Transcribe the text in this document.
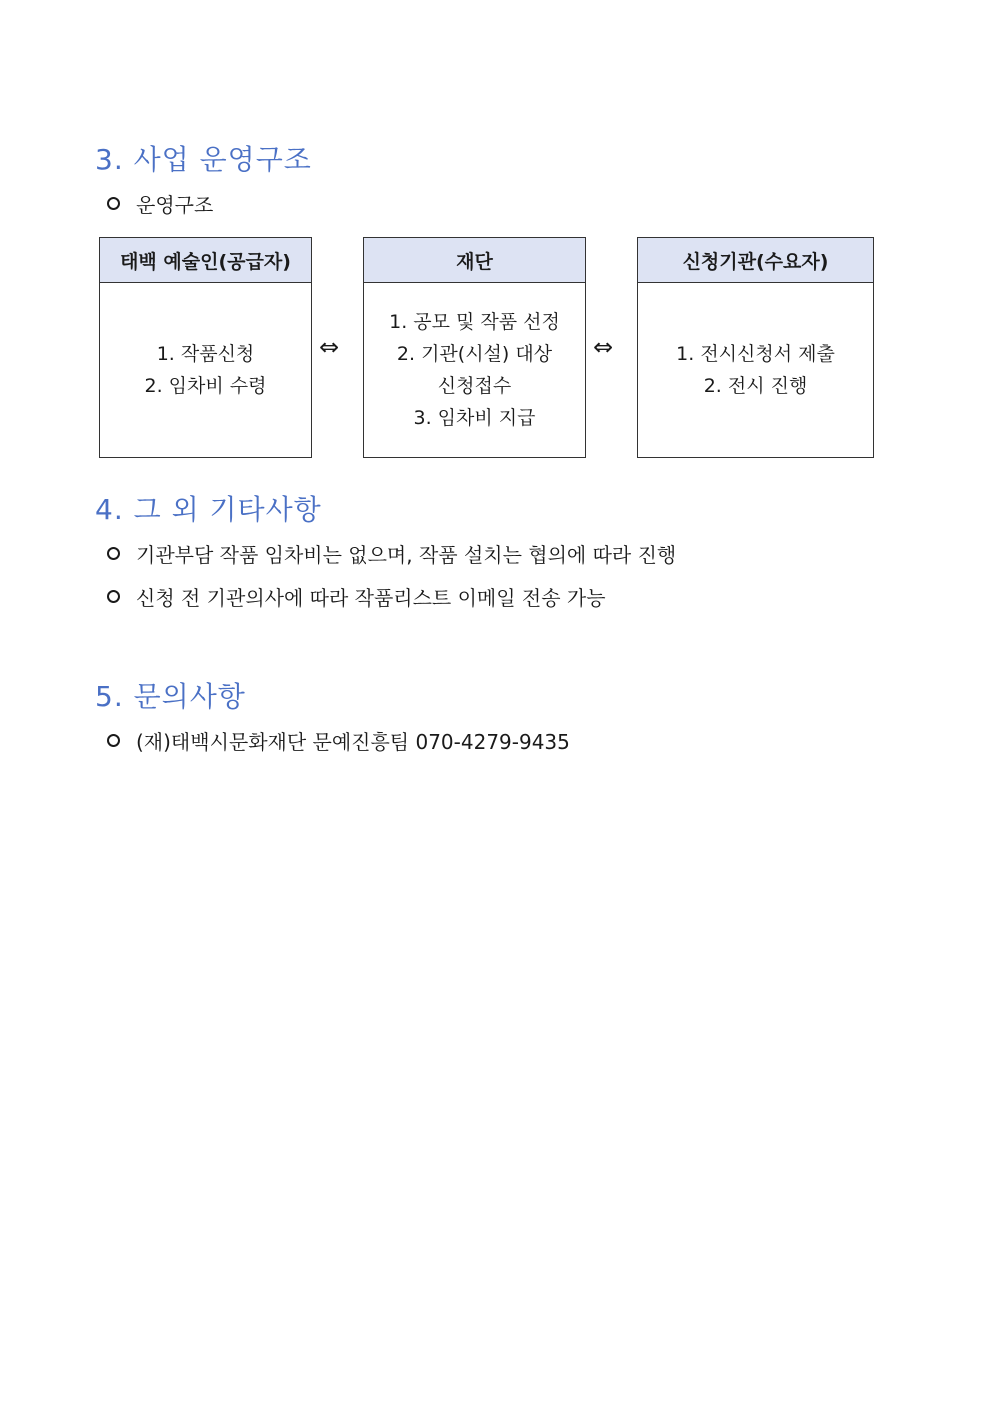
3. 사업 운영구조
운영구조
태백 예술인(공급자)
1. 작품신청
2. 임차비 수령
⇔
재단
1. 공모 및 작품 선정
2. 기관(시설) 대상
신청접수
3. 임차비 지급
⇔
신청기관(수요자)
1. 전시신청서 제출
2. 전시 진행
4. 그 외 기타사항
기관부담 작품 임차비는 없으며, 작품 설치는 협의에 따라 진행
신청 전 기관의사에 따라 작품리스트 이메일 전송 가능
5. 문의사항
(재)태백시문화재단 문예진흥팀 070-4279-9435
